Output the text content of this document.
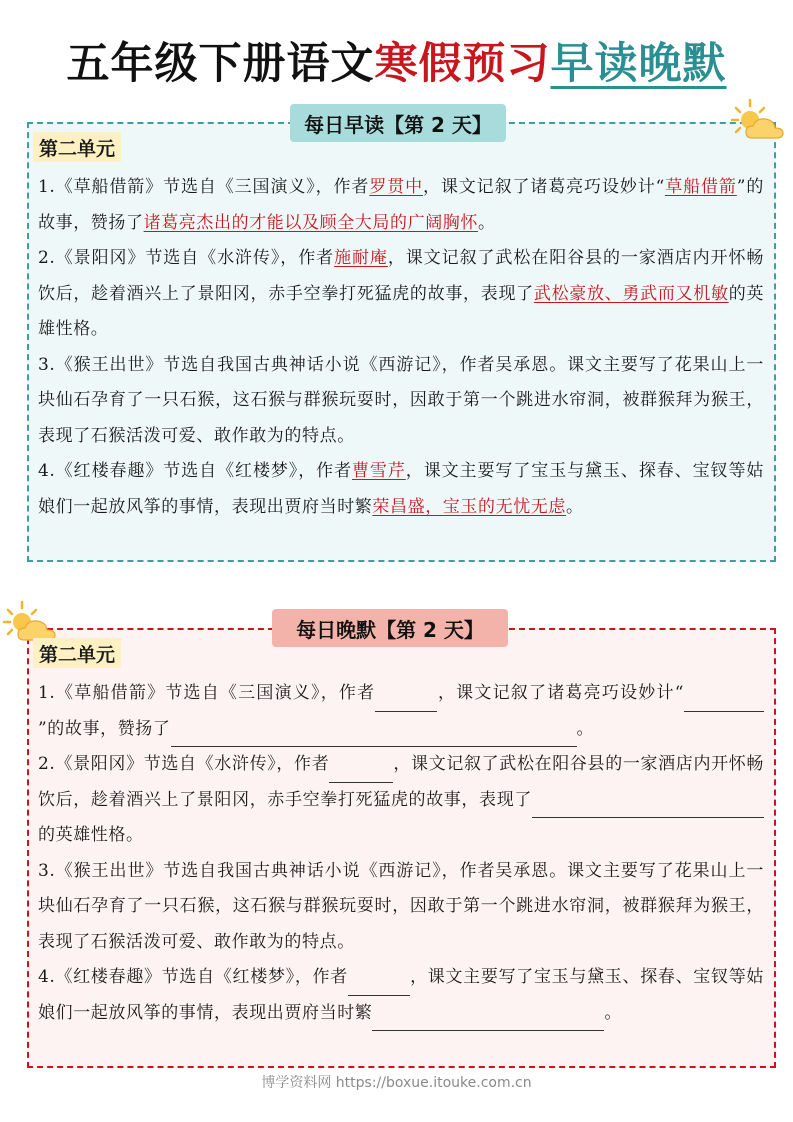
五年级下册语文寒假预习早读晚默
每日早读【第 2 天】
第二单元

1.《草船借箭》节选自《三国演义》，作者罗贯中，课文记叙了诸葛亮巧设妙计“草船借箭”的故事，赞扬了诸葛亮杰出的才能以及顾全大局的广阔胸怀。

2.《景阳冈》节选自《水浒传》，作者施耐庵，课文记叙了武松在阳谷县的一家酒店内开怀畅饮后，趁着酒兴上了景阳冈，赤手空拳打死猛虎的故事，表现了武松豪放、勇武而又机敏的英雄性格。

3.《猴王出世》节选自我国古典神话小说《西游记》，作者吴承恩。课文主要写了花果山上一块仙石孕育了一只石猴，这石猴与群猴玩耍时，因敢于第一个跳进水帘洞，被群猴拜为猴王，表现了石猴活泼可爱、敢作敢为的特点。

4.《红楼春趣》节选自《红楼梦》，作者曹雪芹，课文主要写了宝玉与黛玉、探春、宝钗等姑娘们一起放风筝的事情，表现出贾府当时繁荣昌盛，宝玉的无忧无虑。

每日晚默【第 2 天】
第二单元

1.《草船借箭》节选自《三国演义》，作者	，课文记叙了诸葛亮巧设妙计“”的故事，赞扬了	。

2.《景阳冈》节选自《水浒传》，作者	，课文记叙了武松在阳谷县的一家酒店内开怀畅饮后，趁着酒兴上了景阳冈，赤手空拳打死猛虎的故事，表现了的英雄性格。

3.《猴王出世》节选自我国古典神话小说《西游记》，作者吴承恩。课文主要写了花果山上一块仙石孕育了一只石猴，这石猴与群猴玩耍时，因敢于第一个跳进水帘洞，被群猴拜为猴王，表现了石猴活泼可爱、敢作敢为的特点。

4.《红楼春趣》节选自《红楼梦》，作者	，课文主要写了宝玉与黛玉、探春、宝钗等姑娘们一起放风筝的事情，表现出贾府当时繁	。

博学资料网 https://boxue.itouke.com.cn
